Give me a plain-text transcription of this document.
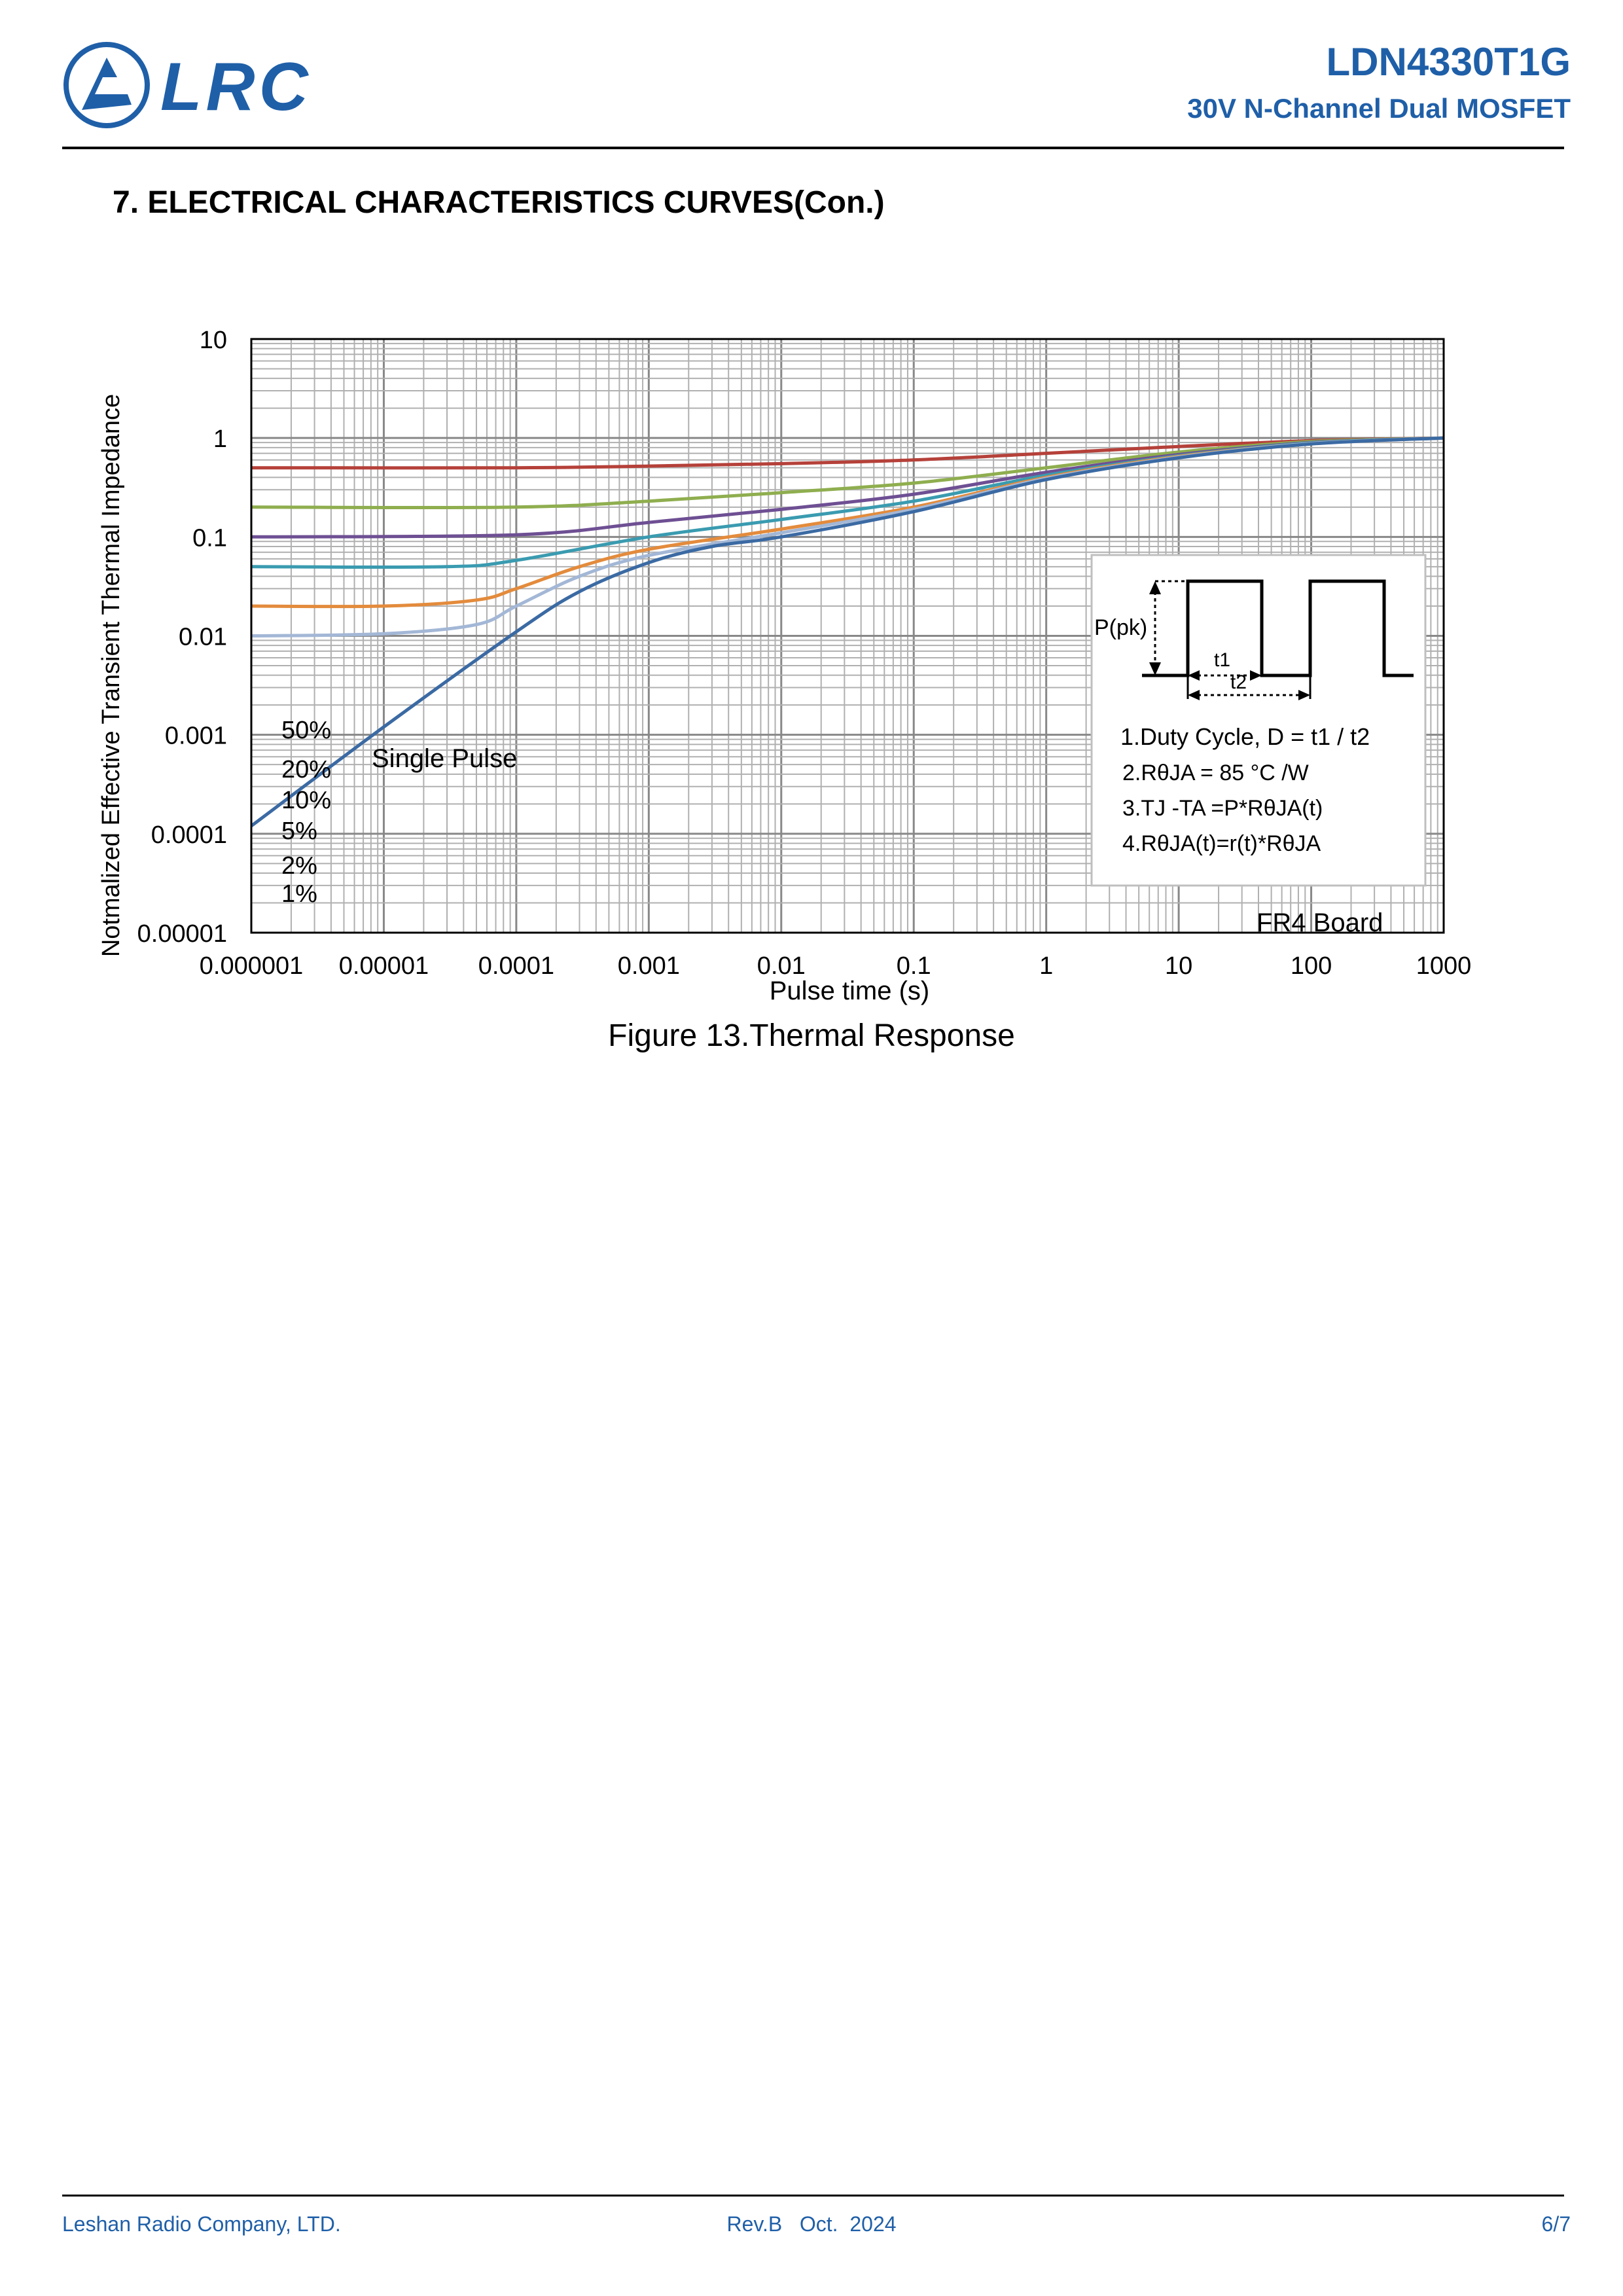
LRC	LDN4330T1G
30V N-Channel Dual MOSFET
7. ELECTRICAL CHARACTERISTICS CURVES(Con.)
10
1
0.1
0.01
0.001
0.0001
0.00001
0.000001 0.00001 0.0001	0.001	0.01	0.1	1	10	100	1000
50%
20%
10%
5%
2%
1%
Notmalized Effective Transient Thermal Impedance
Pulse time (s)
Single Pulse
FR4 Board
P(pk)
t1
t2
1.Duty Cycle, D = t1 / t2
2.RθJA = 85 °C /W
3.TJ -TA =P*RθJA(t)
4.RθJA(t)=r(t)*RθJA
Figure 13.Thermal Response
Leshan Radio Company, LTD.	Rev.B   Oct.  2024	6/7
